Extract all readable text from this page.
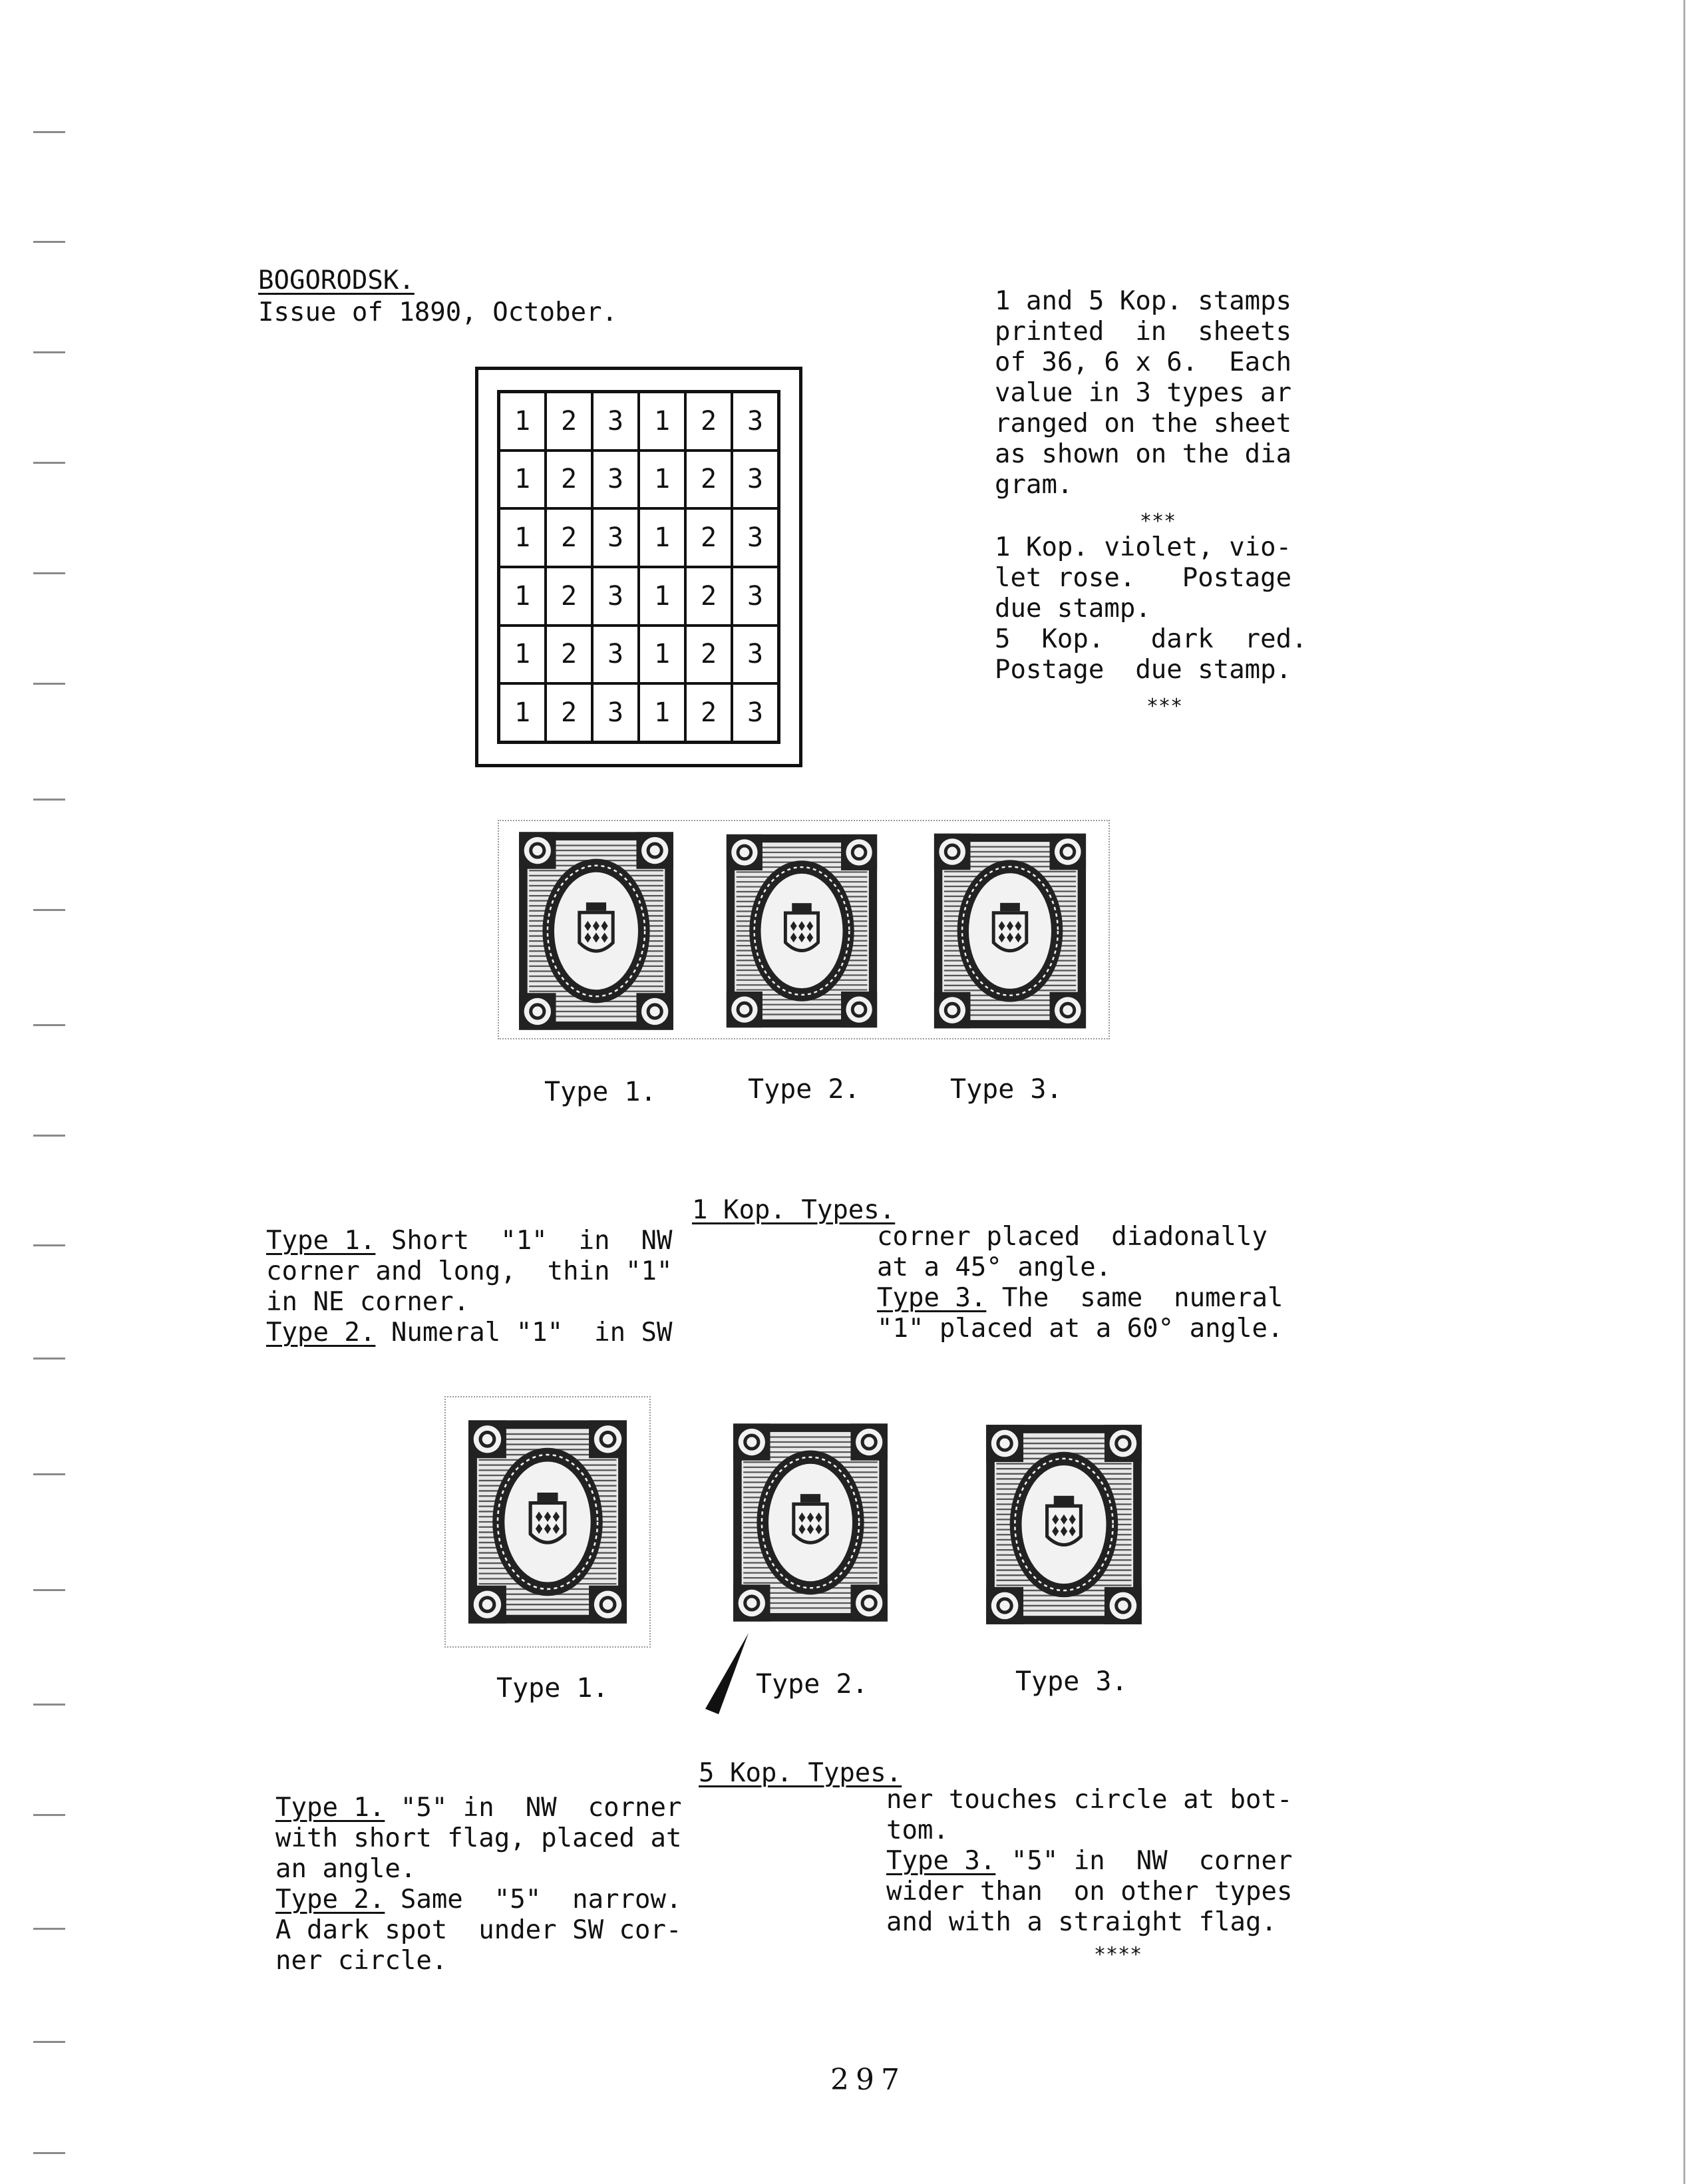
BOGORODSK.
Issue of 1890, October.
1	2	3	1	2	3
1	2	3	1	2	3
1	2	3	1	2	3
1	2	3	1	2	3
1	2	3	1	2	3
1	2	3	1	2	3
1 and 5 Kop. stamps
printed  in  sheets
of 36, 6 x 6.  Each
value in 3 types ar
ranged on the sheet
as shown on the dia
gram.
***
1 Kop. violet, vio-
let rose.   Postage
due stamp.
5  Kop.   dark  red.
Postage  due stamp.
***
Type 1.	Type 2.	Type 3.
1 Kop. Types.
Type 1. Short  "1"  in  NW
corner and long,  thin "1"
in NE corner.
Type 2. Numeral "1"  in SW
corner placed  diadonally
at a 45° angle.
Type 3. The  same  numeral
"1" placed at a 60° angle.
Type 1.	Type 2.	Type 3.
5 Kop. Types.
Type 1. "5" in  NW  corner
with short flag, placed at
an angle.
Type 2. Same  "5"  narrow.
A dark spot  under SW cor-
ner circle.
ner touches circle at bot-
tom.
Type 3. "5" in  NW  corner
wider than  on other types
and with a straight flag.
****
297
